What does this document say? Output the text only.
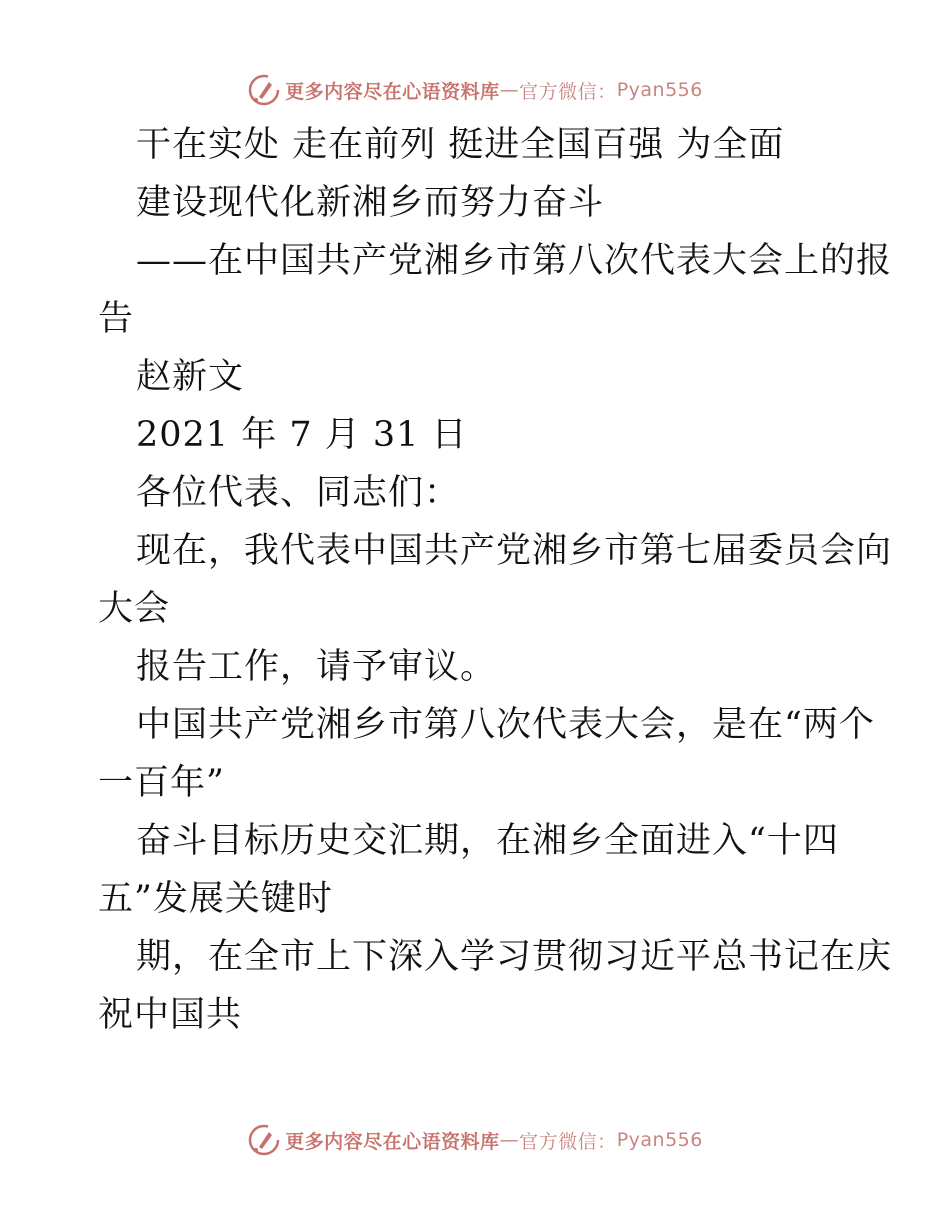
更多内容尽在心语资料库 — 官方微信： Pyan556
干在实处 走在前列 挺进全国百强 为全面
建设现代化新湘乡而努力奋斗
——在中国共产党湘乡市第八次代表大会上的报
告
赵新文
2021 年 7 月 31 日
各位代表、同志们：
现在，我代表中国共产党湘乡市第七届委员会向
大会
报告工作，请予审议。
中国共产党湘乡市第八次代表大会，是在“两个
一百年”
奋斗目标历史交汇期，在湘乡全面进入“十四
五”发展关键时
期，在全市上下深入学习贯彻习近平总书记在庆
祝中国共
更多内容尽在心语资料库 — 官方微信： Pyan556
